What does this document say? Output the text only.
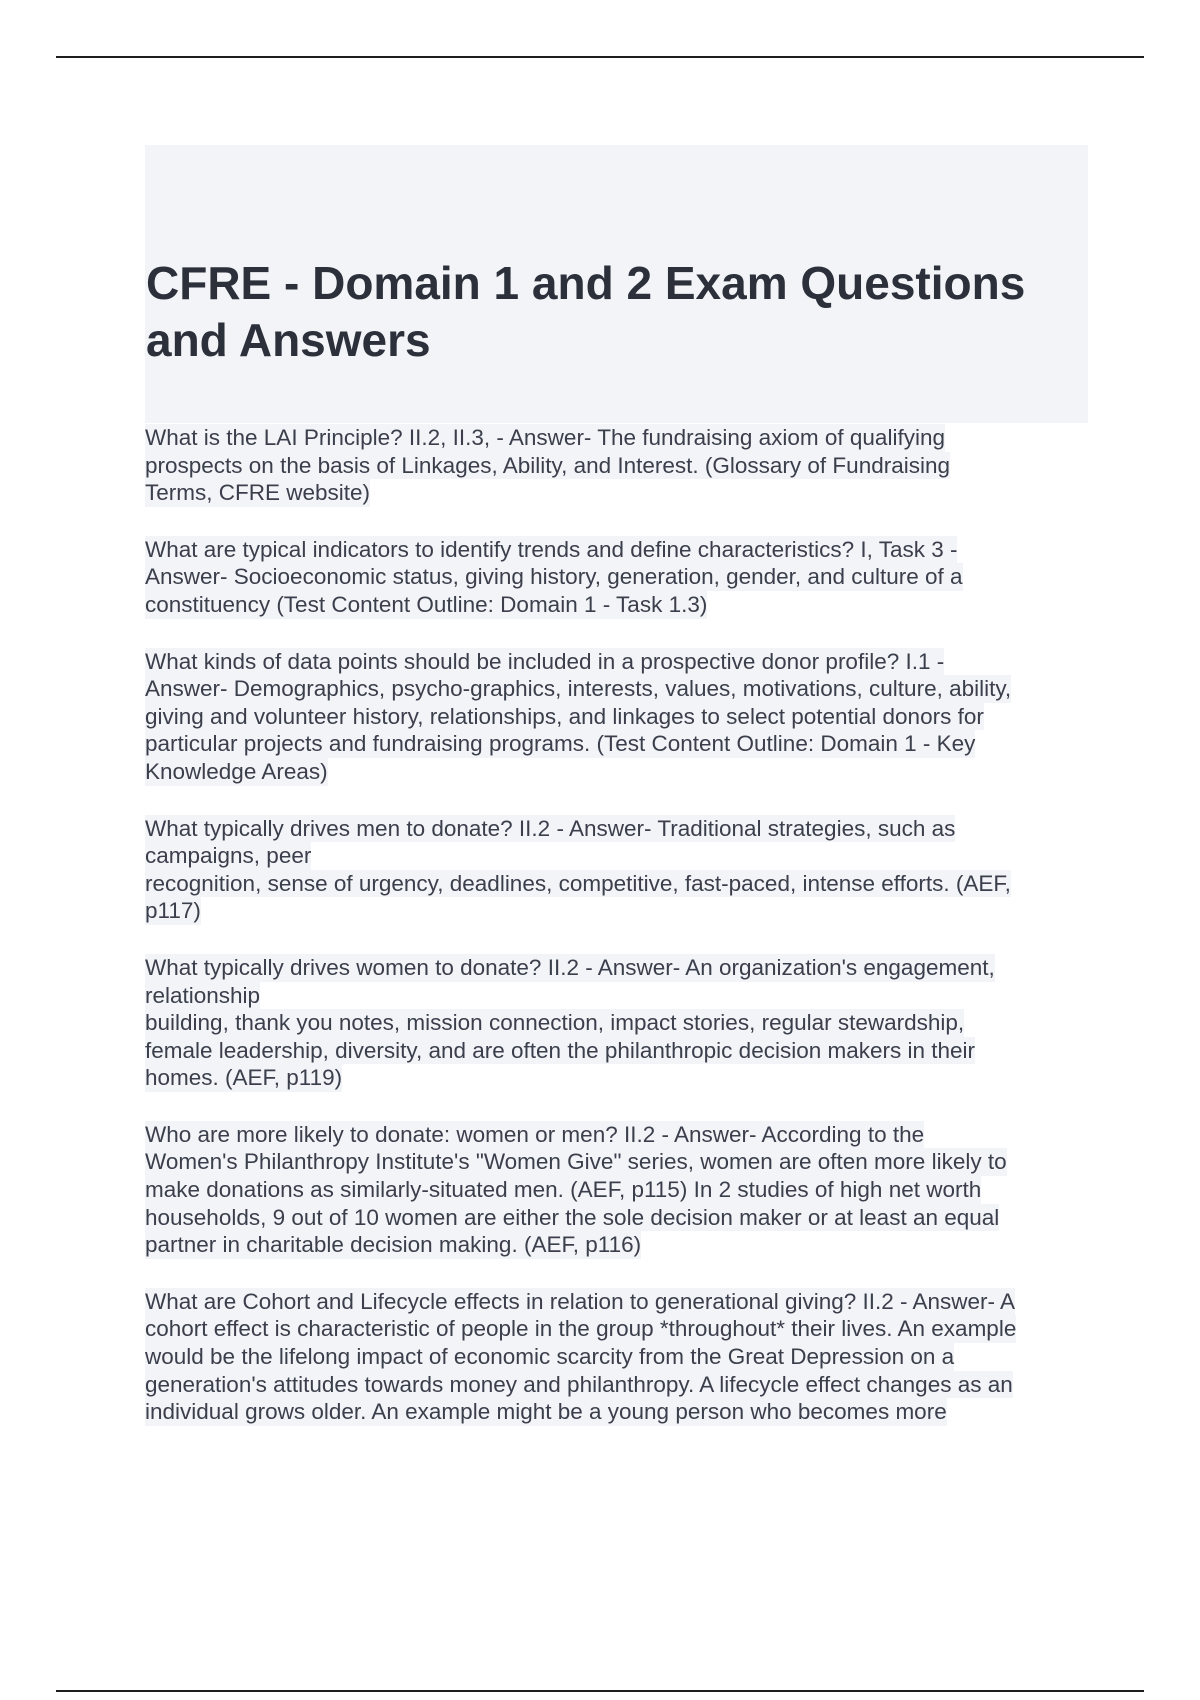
CFRE - Domain 1 and 2 Exam Questions
and Answers

What is the LAI Principle? II.2, II.3, - Answer- The fundraising axiom of qualifying
prospects on the basis of Linkages, Ability, and Interest. (Glossary of Fundraising
Terms, CFRE website)

What are typical indicators to identify trends and define characteristics? I, Task 3 -
Answer- Socioeconomic status, giving history, generation, gender, and culture of a
constituency (Test Content Outline: Domain 1 - Task 1.3)

What kinds of data points should be included in a prospective donor profile? I.1 -
Answer- Demographics, psycho-graphics, interests, values, motivations, culture, ability,
giving and volunteer history, relationships, and linkages to select potential donors for
particular projects and fundraising programs. (Test Content Outline: Domain 1 - Key
Knowledge Areas)

What typically drives men to donate? II.2 - Answer- Traditional strategies, such as
campaigns, peer
recognition, sense of urgency, deadlines, competitive, fast-paced, intense efforts. (AEF,
p117)

What typically drives women to donate? II.2 - Answer- An organization's engagement,
relationship
building, thank you notes, mission connection, impact stories, regular stewardship,
female leadership, diversity, and are often the philanthropic decision makers in their
homes. (AEF, p119)

Who are more likely to donate: women or men? II.2 - Answer- According to the
Women's Philanthropy Institute's "Women Give" series, women are often more likely to
make donations as similarly-situated men. (AEF, p115) In 2 studies of high net worth
households, 9 out of 10 women are either the sole decision maker or at least an equal
partner in charitable decision making. (AEF, p116)

What are Cohort and Lifecycle effects in relation to generational giving? II.2 - Answer- A
cohort effect is characteristic of people in the group *throughout* their lives. An example
would be the lifelong impact of economic scarcity from the Great Depression on a
generation's attitudes towards money and philanthropy. A lifecycle effect changes as an
individual grows older. An example might be a young person who becomes more
